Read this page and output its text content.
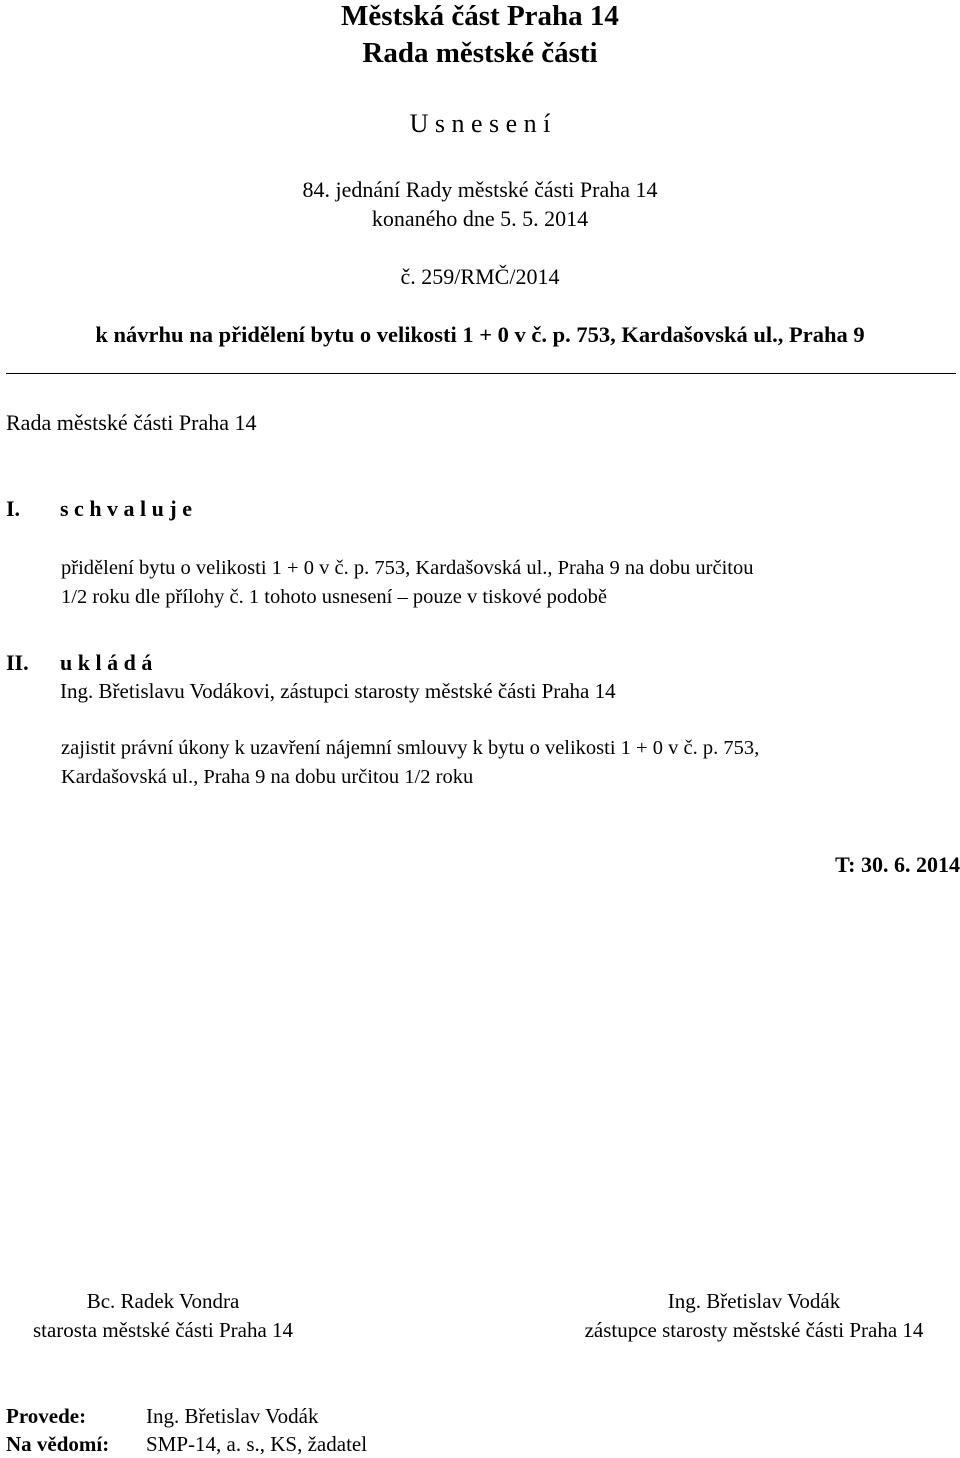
Městská část Praha 14
Rada městské části
U s n e s e n í
84. jednání Rady městské části Praha 14
konaného dne 5. 5. 2014
č. 259/RMČ/2014
k návrhu na přidělení bytu o velikosti 1 + 0 v č. p. 753, Kardašovská ul., Praha 9
Rada městské části Praha 14
I. s c h v a l u j e
přidělení bytu o velikosti 1 + 0 v č. p. 753, Kardašovská ul., Praha 9 na dobu určitou
1/2 roku dle přílohy č. 1 tohoto usnesení – pouze v tiskové podobě
II. u k l á d á
Ing. Břetislavu Vodákovi, zástupci starosty městské části Praha 14
zajistit právní úkony k uzavření nájemní smlouvy k bytu o velikosti 1 + 0 v č. p. 753,
Kardašovská ul., Praha 9 na dobu určitou 1/2 roku
T: 30. 6. 2014
Bc. Radek Vondra
starosta městské části Praha 14
Ing. Břetislav Vodák
zástupce starosty městské části Praha 14
Provede:	Ing. Břetislav Vodák
Na vědomí: SMP-14, a. s., KS, žadatel
